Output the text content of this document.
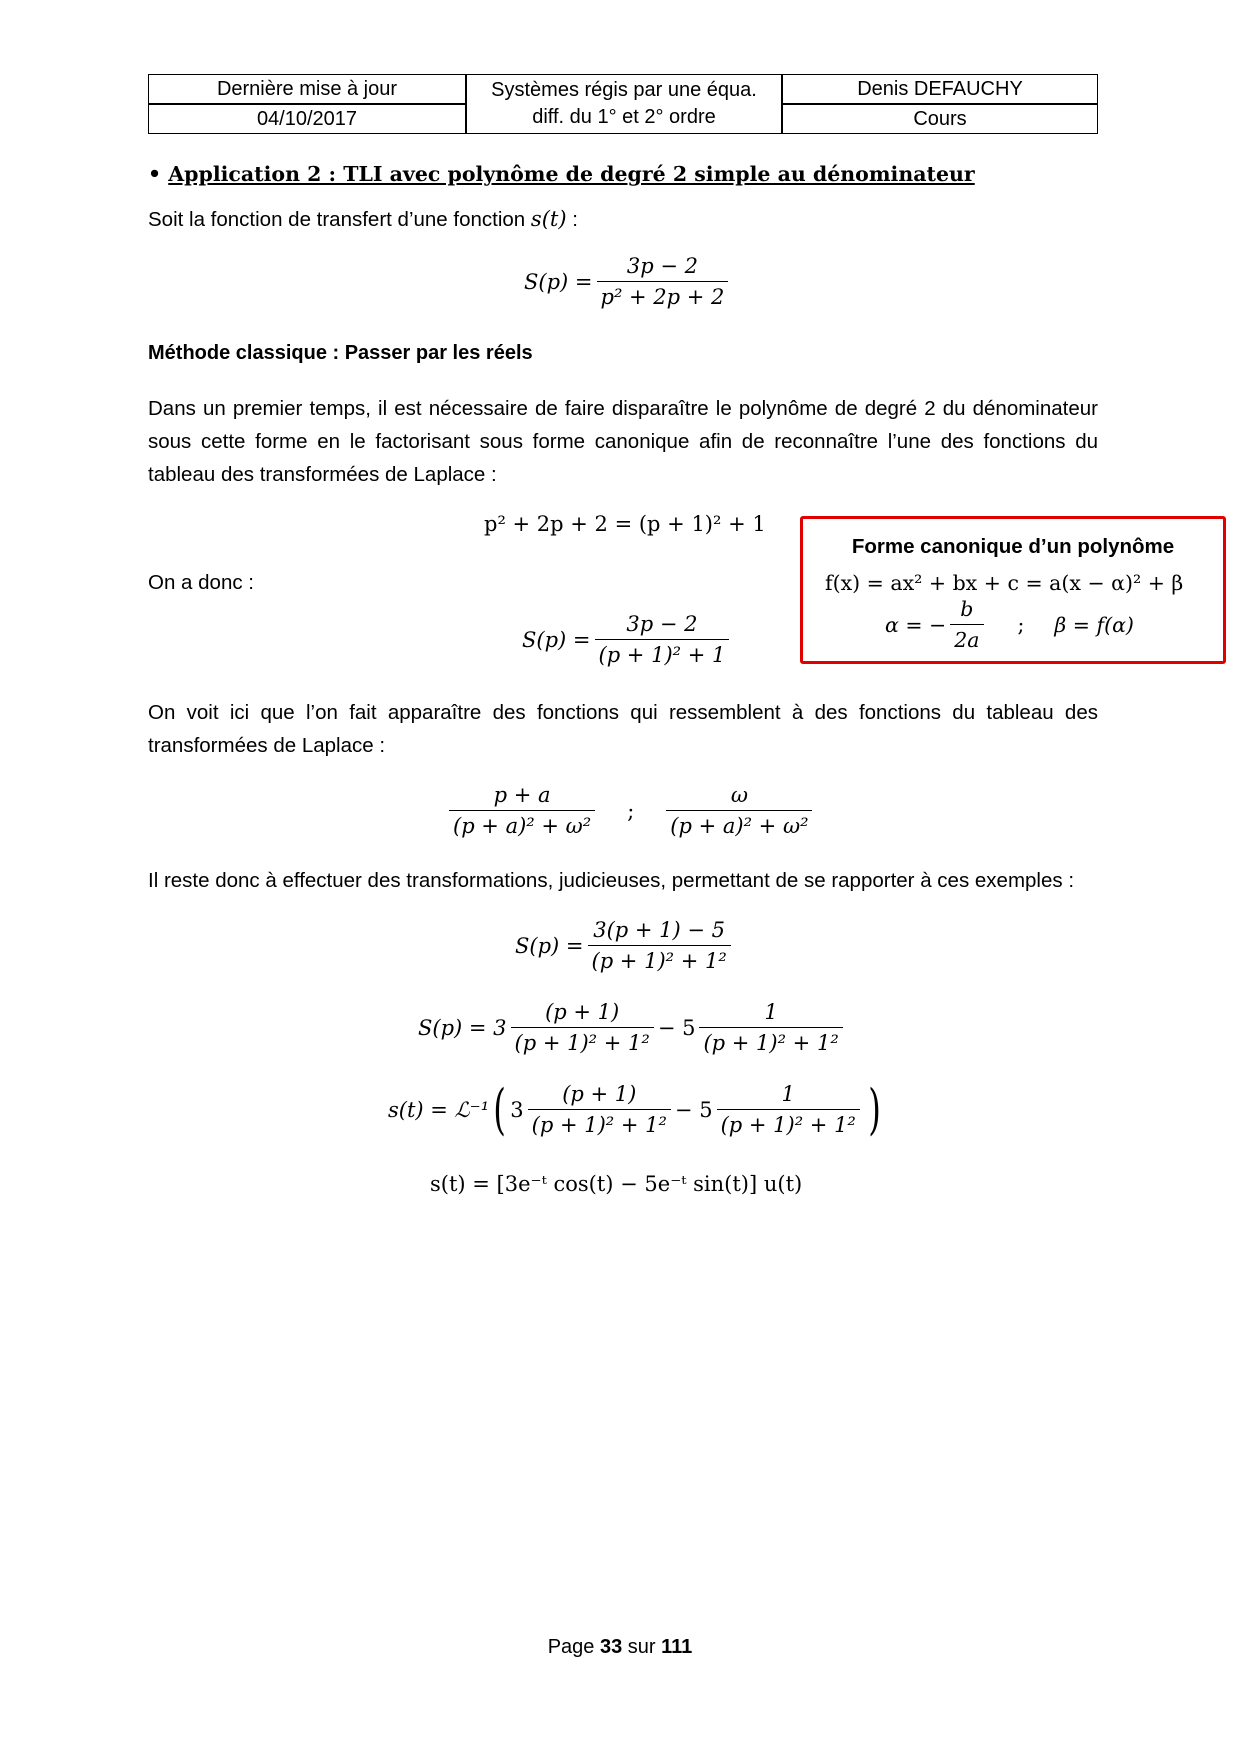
Dernière mise à jour
04/10/2017
Systèmes régis par une équa.
diff. du 1° et 2° ordre
Denis DEFAUCHY
Cours
• Application 2 : TLI avec polynôme de degré 2 simple au dénominateur
Soit la fonction de transfert d’une fonction s(t) :
$S(p) = \frac{3p - 2}{\text{p² + 2p + 2}}$
Méthode classique : Passer par les réels
Dans un premier temps, il est nécessaire de faire disparaître le polynôme de degré 2 du dénominateur
sous cette forme en le factorisant sous forme canonique afin de reconnaître l’une des fonctions du
tableau des transformées de Laplace :
p² + 2p + 2 = (p + 1)² + 1
On a donc :
$S(p) = \frac{3p - 2}{\text{(p + 1)² + 1}}$
Forme canonique d’un polynôme
f(x) = ax² + bx + c = a(x − α)² + β
α = − $\frac{b}{2a}$ ; β = f(α)
On voit ici que l’on fait apparaître des fonctions qui ressemblent à des fonctions du tableau des
transformées de Laplace :
$\frac{p + a}{\text{(p + a)² + ω²}}$ ; $\frac{\omega}{\text{(p + a)² + ω²}}$
Il reste donc à effectuer des transformations, judicieuses, permettant de se rapporter à ces exemples :
$S(p) = \frac{3(p + 1) - 5}{\text{(p + 1)² + 1²}}$
$S(p) = 3 \frac{(p + 1)}{\text{(p + 1)² + 1²}} - 5 \frac{1}{\text{(p + 1)² + 1²}}$
s(t) = ℒ⁻¹ ( $3 \frac{(p + 1)}{\text{(p + 1)² + 1²}} - 5 \frac{1}{\text{(p + 1)² + 1²}}$ )
s(t) = [3e⁻ᵗ cos(t) − 5e⁻ᵗ sin(t)] u(t)
Page 33 sur 111
